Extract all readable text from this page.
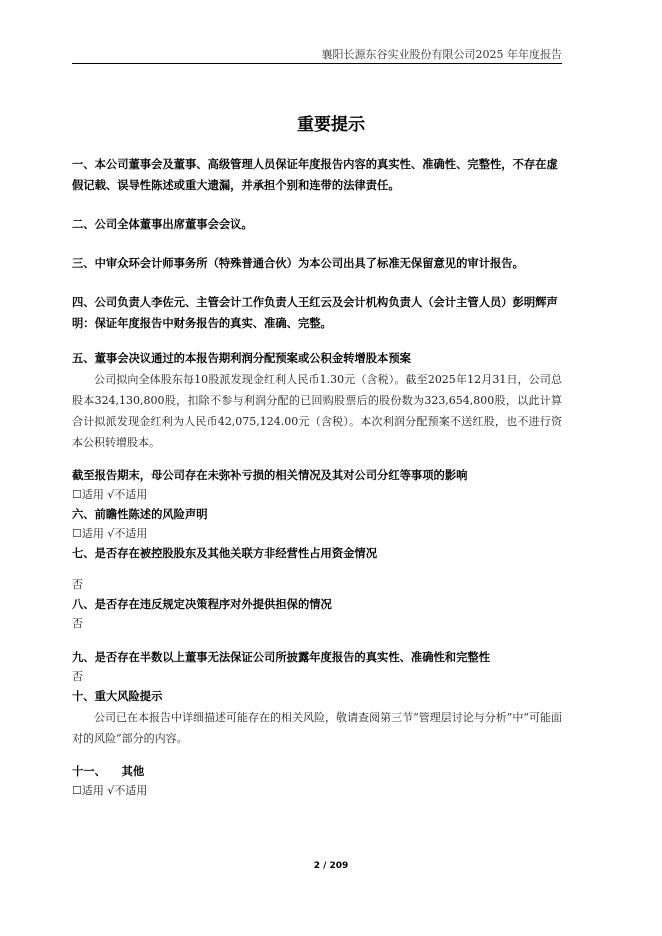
襄阳长源东谷实业股份有限公司2025 年年度报告
重要提示

一、本公司董事会及董事、高级管理人员保证年度报告内容的真实性、准确性、完整性，不存在虚假记载、误导性陈述或重大遗漏，并承担个别和连带的法律责任。

二、公司全体董事出席董事会会议。

三、中审众环会计师事务所（特殊普通合伙）为本公司出具了标准无保留意见的审计报告。

四、公司负责人李佐元、主管会计工作负责人王红云及会计机构负责人（会计主管人员）彭明辉声明：保证年度报告中财务报告的真实、准确、完整。

五、董事会决议通过的本报告期利润分配预案或公积金转增股本预案

公司拟向全体股东每10股派发现金红利人民币1.30元（含税）。截至2025年12月31日，公司总股本324,130,800股，扣除不参与利润分配的已回购股票后的股份数为323,654,800股，以此计算合计拟派发现金红利为人民币42,075,124.00元（含税）。本次利润分配预案不送红股，也不进行资本公积转增股本。

截至报告期末，母公司存在未弥补亏损的相关情况及其对公司分红等事项的影响

☐适用 √不适用

六、前瞻性陈述的风险声明

☐适用 √不适用

七、是否存在被控股股东及其他关联方非经营性占用资金情况

否

八、是否存在违反规定决策程序对外提供担保的情况

否

九、是否存在半数以上董事无法保证公司所披露年度报告的真实性、准确性和完整性

否

十、重大风险提示

公司已在本报告中详细描述可能存在的相关风险，敬请查阅第三节“管理层讨论与分析”中“可能面对的风险”部分的内容。

十一、    其他

☐适用 √不适用

2 / 209
